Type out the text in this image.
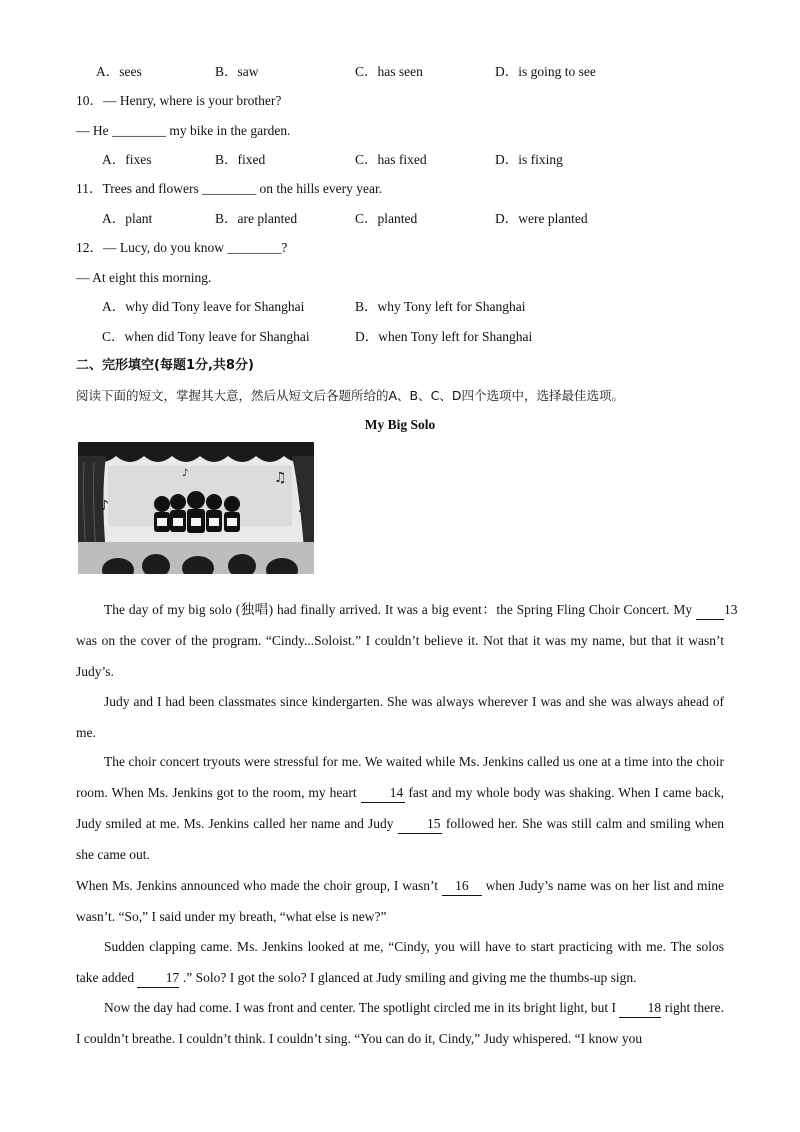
A．sees	B．saw	C．has seen	D．is going to see
10．— Henry, where is your brother?
— He ________ my bike in the garden.
A．fixes	B．fixed	C．has fixed	D．is fixing
11．Trees and flowers ________ on the hills every year.
A．plant	B．are planted	C．planted	D．were planted
12．— Lucy, do you know ________?
— At eight this morning.
A．why did Tony leave for Shanghai	B．why Tony left for Shanghai
C．when did Tony leave for Shanghai	D．when Tony left for Shanghai
二、完形填空(每题1分,共8分)
阅读下面的短文，掌握其大意，然后从短文后各题所给的A、B、C、D四个选项中，选择最佳选项。
My Big Solo
♪
♫
♪
♪
The day of my big solo (独唱) had finally arrived. It was a big event：the Spring Fling Choir Concert. My 13was on the cover of the program. “Cindy...Soloist.” I couldn’t believe it. Not that it was my name, but that it wasn’t Judy’s.
Judy and I had been classmates since kindergarten. She was always wherever I was and she was always ahead of me.
The choir concert tryouts were stressful for me. We waited while Ms. Jenkins called us one at a time into the choir room. When Ms. Jenkins got to the room, my heart 14 fast and my whole body was shaking. When I came back, Judy smiled at me. Ms. Jenkins called her name and Judy 15 followed her. She was still calm and smiling when she came out.
When Ms. Jenkins announced who made the choir group, I wasn’t 16 when Judy’s name was on her list and mine wasn’t. “So,” I said under my breath, “what else is new?”
Sudden clapping came. Ms. Jenkins looked at me, “Cindy, you will have to start practicing with me. The solos take added 17 .” Solo? I got the solo? I glanced at Judy smiling and giving me the thumbs-up sign.
Now the day had come. I was front and center. The spotlight circled me in its bright light, but I 18 right there. I couldn’t breathe. I couldn’t think. I couldn’t sing. “You can do it, Cindy,” Judy whispered. “I know you
